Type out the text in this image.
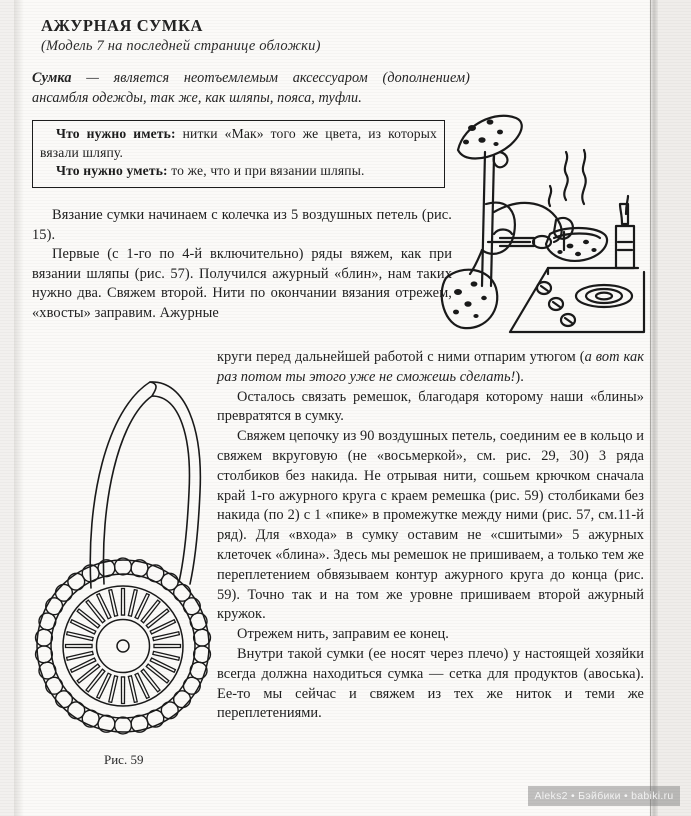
АЖУРНАЯ СУМКА
(Модель 7 на последней странице обложки)
Сумка — является неотъемлемым аксессуаром (дополнением) ансамбля одежды, так же, как шляпы, пояса, туфли.

Что нужно иметь: нитки «Мак» того же цвета, из которых вязали шляпу.

Что нужно уметь: то же, что и при вязании шляпы.

Вязание сумки начинаем с колечка из 5 воздушных петель (рис. 15).

Первые (с 1-го по 4-й включительно) ряды вяжем, как при вязании шляпы (рис. 57). Получился ажурный «блин», нам таких нужно два. Свяжем второй. Нити по окончании вязания отрежем, «хвосты» заправим. Ажурные

круги перед дальнейшей работой с ними отпарим утюгом (а вот как раз потом ты этого уже не сможешь сделать!).

Осталось связать ремешок, благодаря которому наши «блины» превратятся в сумку.

Свяжем цепочку из 90 воздушных петель, соединим ее в кольцо и свяжем вкруговую (не «восьмеркой», см. рис. 29, 30) 3 ряда столбиков без накида. Не отрывая нити, сошьем крючком сначала край 1-го ажурного круга с краем ремешка (рис. 59) столбиками без накида (по 2) с 1 «пике» в промежутке между ними (рис. 57, см.11-й ряд). Для «входа» в сумку оставим не «сшитыми» 5 ажурных клеточек «блина». Здесь мы ремешок не пришиваем, а только тем же переплетением обвязываем контур ажурного круга до конца (рис. 59). Точно так и на том же уровне пришиваем второй ажурный кружок.

Отрежем нить, заправим ее конец.

Внутри такой сумки (ее носят через плечо) у настоящей хозяйки всегда должна находиться сумка — сетка для продуктов (авоська). Ее-то мы сейчас и свяжем из тех же ниток и теми же переплетениями.

Рис. 59
Aleks2 • Бэйбики • babiki.ru
